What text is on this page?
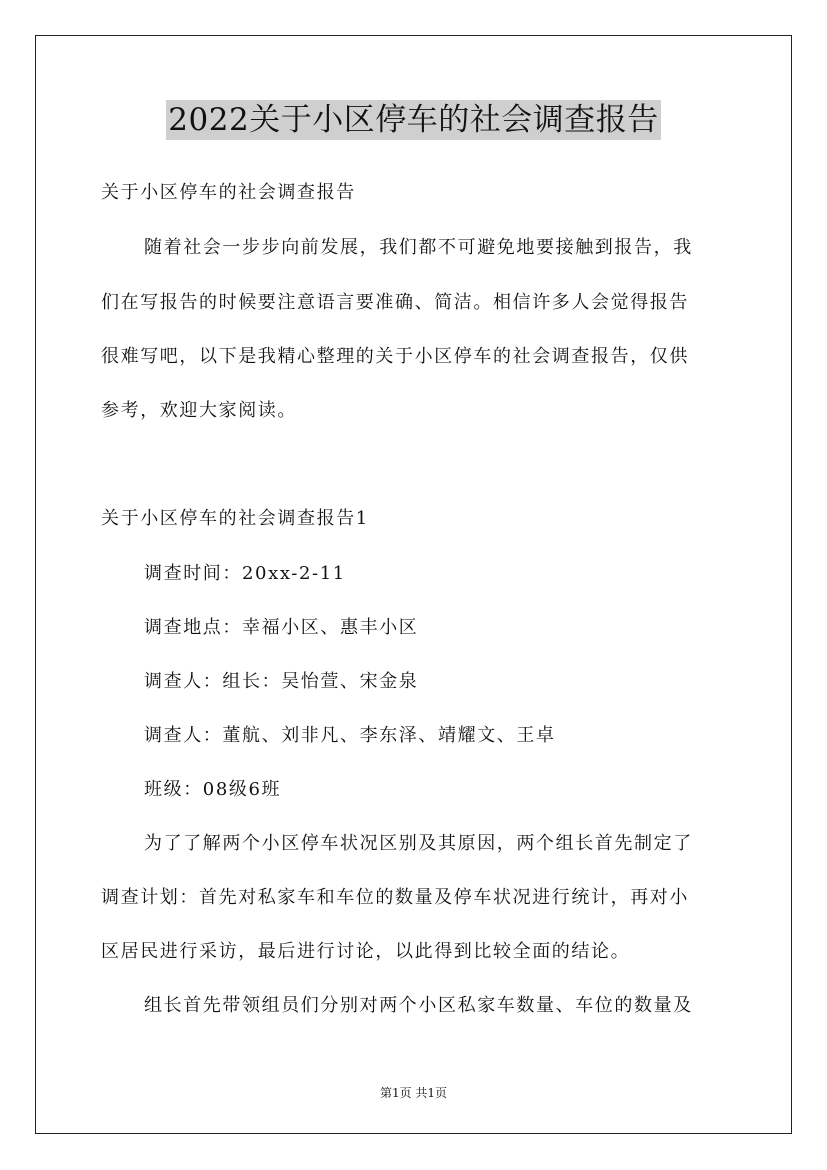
2022关于小区停车的社会调查报告
关于小区停车的社会调查报告
随着社会一步步向前发展，我们都不可避免地要接触到报告，我
们在写报告的时候要注意语言要准确、简洁。相信许多人会觉得报告
很难写吧，以下是我精心整理的关于小区停车的社会调查报告，仅供
参考，欢迎大家阅读。
关于小区停车的社会调查报告1
调查时间：20xx-2-11
调查地点：幸福小区、惠丰小区
调查人：组长：吴怡萱、宋金泉
调查人：董航、刘非凡、李东泽、靖耀文、王卓
班级：08级6班
为了了解两个小区停车状况区别及其原因，两个组长首先制定了
调查计划：首先对私家车和车位的数量及停车状况进行统计，再对小
区居民进行采访，最后进行讨论，以此得到比较全面的结论。
组长首先带领组员们分别对两个小区私家车数量、车位的数量及
第1页 共1页
